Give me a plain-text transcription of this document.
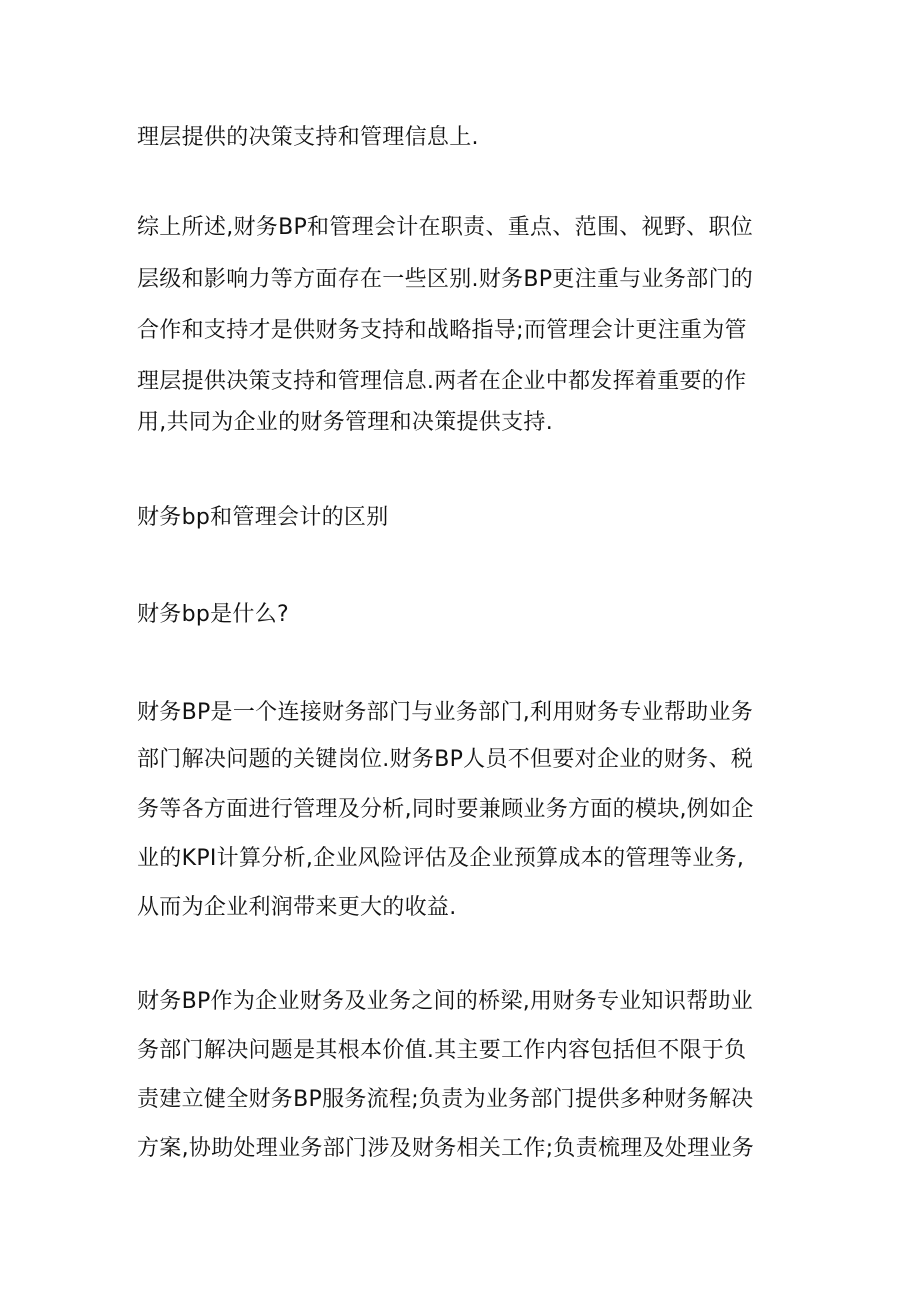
理层提供的决策支持和管理信息上.
综上所述,财务BP和管理会计在职责、重点、范围、视野、职位
层级和影响力等方面存在一些区别.财务BP更注重与业务部门的
合作和支持才是供财务支持和战略指导;而管理会计更注重为管
理层提供决策支持和管理信息.两者在企业中都发挥着重要的作
用,共同为企业的财务管理和决策提供支持.
财务bp和管理会计的区别
财务bp是什么?
财务BP是一个连接财务部门与业务部门,利用财务专业帮助业务
部门解决问题的关键岗位.财务BP人员不但要对企业的财务、税
务等各方面进行管理及分析,同时要兼顾业务方面的模块,例如企
业的KPI计算分析,企业风险评估及企业预算成本的管理等业务,
从而为企业利润带来更大的收益.
财务BP作为企业财务及业务之间的桥梁,用财务专业知识帮助业
务部门解决问题是其根本价值.其主要工作内容包括但不限于负
责建立健全财务BP服务流程;负责为业务部门提供多种财务解决
方案,协助处理业务部门涉及财务相关工作;负责梳理及处理业务
